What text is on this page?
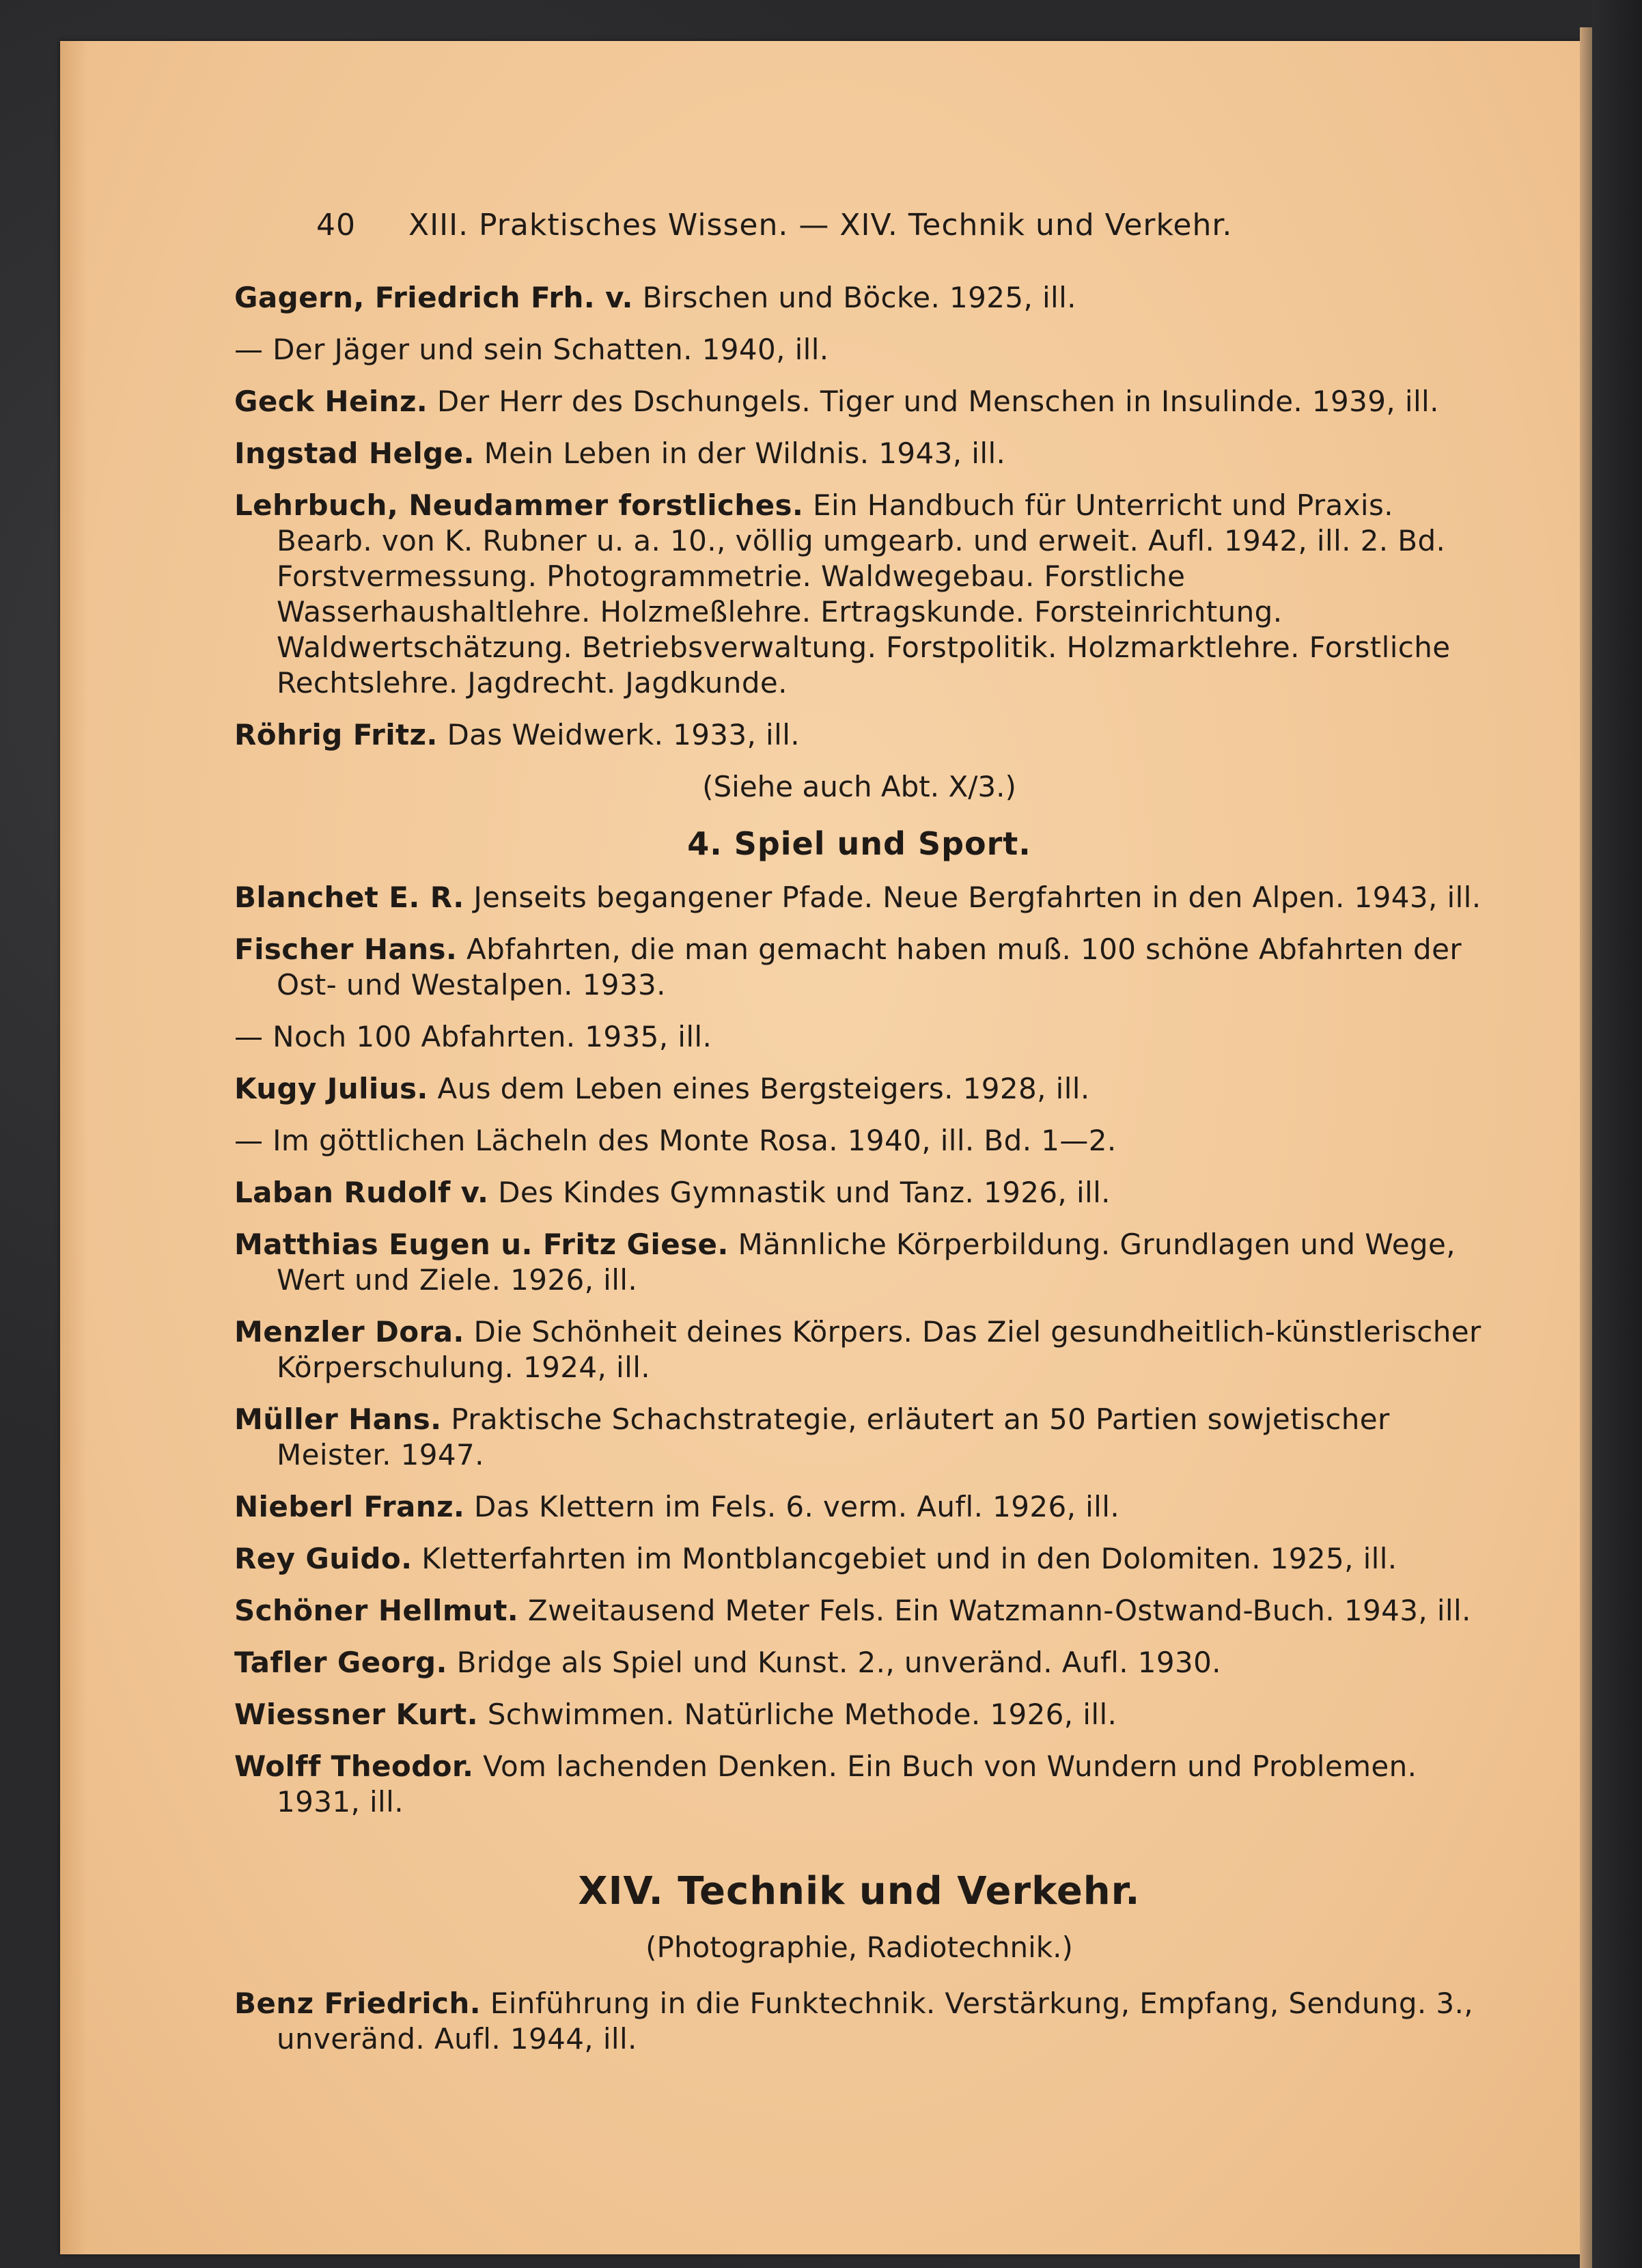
40 XIII. Praktisches Wissen. — XIV. Technik und Verkehr.
Gagern, Friedrich Frh. v. Birschen und Böcke. 1925, ill.
— Der Jäger und sein Schatten. 1940, ill.
Geck Heinz. Der Herr des Dschungels. Tiger und Menschen in Insulinde. 1939, ill.
Ingstad Helge. Mein Leben in der Wildnis. 1943, ill.
Lehrbuch, Neudammer forstliches. Ein Handbuch für Unterricht und Praxis. Bearb. von K. Rubner u. a. 10., völlig umgearb. und erweit. Aufl. 1942, ill. 2. Bd. Forstvermessung. Photogrammetrie. Waldwegebau. Forstliche Wasserhaushaltlehre. Holzmeßlehre. Ertragskunde. Forsteinrichtung. Waldwertschätzung. Betriebsverwaltung. Forstpolitik. Holzmarktlehre. Forstliche Rechtslehre. Jagdrecht. Jagdkunde.
Röhrig Fritz. Das Weidwerk. 1933, ill.
(Siehe auch Abt. X/3.)
4. Spiel und Sport.
Blanchet E. R. Jenseits begangener Pfade. Neue Bergfahrten in den Alpen. 1943, ill.
Fischer Hans. Abfahrten, die man gemacht haben muß. 100 schöne Abfahrten der Ost- und Westalpen. 1933.
— Noch 100 Abfahrten. 1935, ill.
Kugy Julius. Aus dem Leben eines Bergsteigers. 1928, ill.
— Im göttlichen Lächeln des Monte Rosa. 1940, ill. Bd. 1—2.
Laban Rudolf v. Des Kindes Gymnastik und Tanz. 1926, ill.
Matthias Eugen u. Fritz Giese. Männliche Körperbildung. Grundlagen und Wege, Wert und Ziele. 1926, ill.
Menzler Dora. Die Schönheit deines Körpers. Das Ziel gesundheitlich-künstlerischer Körperschulung. 1924, ill.
Müller Hans. Praktische Schachstrategie, erläutert an 50 Partien sowjetischer Meister. 1947.
Nieberl Franz. Das Klettern im Fels. 6. verm. Aufl. 1926, ill.
Rey Guido. Kletterfahrten im Montblancgebiet und in den Dolomiten. 1925, ill.
Schöner Hellmut. Zweitausend Meter Fels. Ein Watzmann-Ostwand-Buch. 1943, ill.
Tafler Georg. Bridge als Spiel und Kunst. 2., unveränd. Aufl. 1930.
Wiessner Kurt. Schwimmen. Natürliche Methode. 1926, ill.
Wolff Theodor. Vom lachenden Denken. Ein Buch von Wundern und Problemen. 1931, ill.
XIV. Technik und Verkehr.
(Photographie, Radiotechnik.)
Benz Friedrich. Einführung in die Funktechnik. Verstärkung, Empfang, Sendung. 3., unveränd. Aufl. 1944, ill.
